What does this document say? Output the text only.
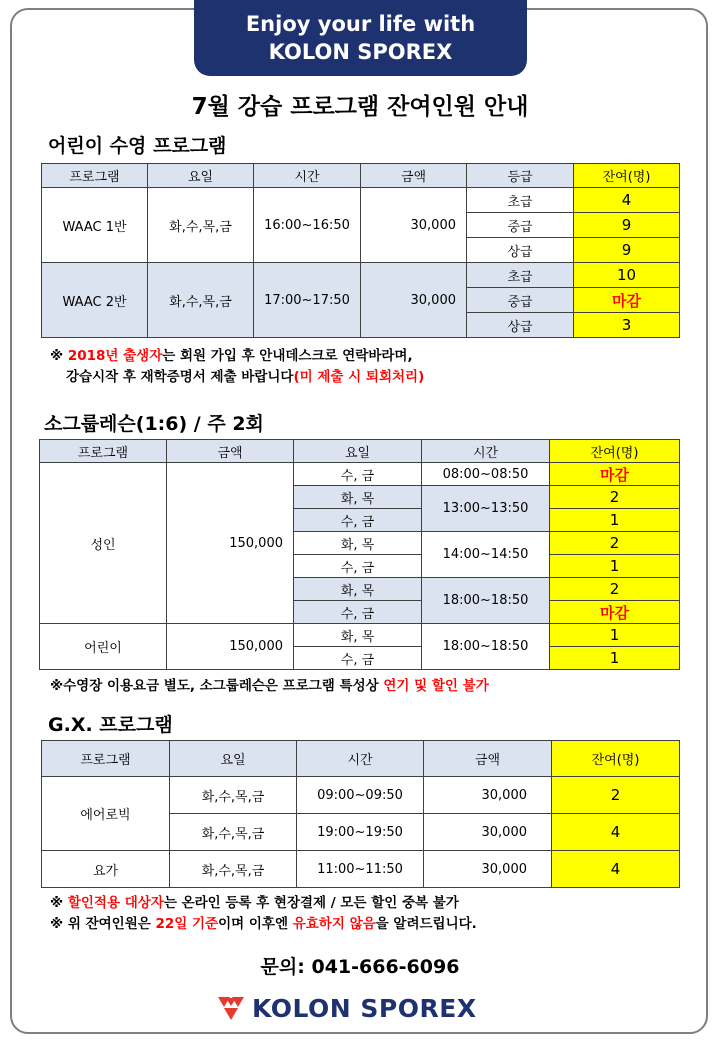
Enjoy your life with
KOLON SPOREX
7월 강습 프로그램 잔여인원 안내
어린이 수영 프로그램
프로그램	요일	시간	금액	등급	잔여(명)
WAAC 1반	화,수,목,금	16:00~16:50	30,000	초급	4
				중급	9
				상급	9
WAAC 2반	화,수,목,금	17:00~17:50	30,000	초급	10
				중급	마감
				상급	3
※ 2018년 출생자는 회원 가입 후 안내데스크로 연락바라며,
강습시작 후 재학증명서 제출 바랍니다(미 제출 시 퇴회처리)
소그룹레슨(1:6) / 주 2회
프로그램	금액	요일	시간	잔여(명)
성인	150,000	수, 금	08:00~08:50	마감
		화, 목	13:00~13:50	2
		수, 금		1
		화, 목	14:00~14:50	2
		수, 금		1
		화, 목	18:00~18:50	2
		수, 금		마감
어린이	150,000	화, 목	18:00~18:50	1
		수, 금		1
※수영장 이용요금 별도, 소그룹레슨은 프로그램 특성상 연기 및 할인 불가
G.X. 프로그램
프로그램	요일	시간	금액	잔여(명)
에어로빅	화,수,목,금	09:00~09:50	30,000	2
	화,수,목,금	19:00~19:50	30,000	4
요가	화,수,목,금	11:00~11:50	30,000	4
※ 할인적용 대상자는 온라인 등록 후 현장결제 / 모든 할인 중복 불가
※ 위 잔여인원은 22일 기준이며 이후엔 유효하지 않음을 알려드립니다.
문의: 041-666-6096
KOLON SPOREX
